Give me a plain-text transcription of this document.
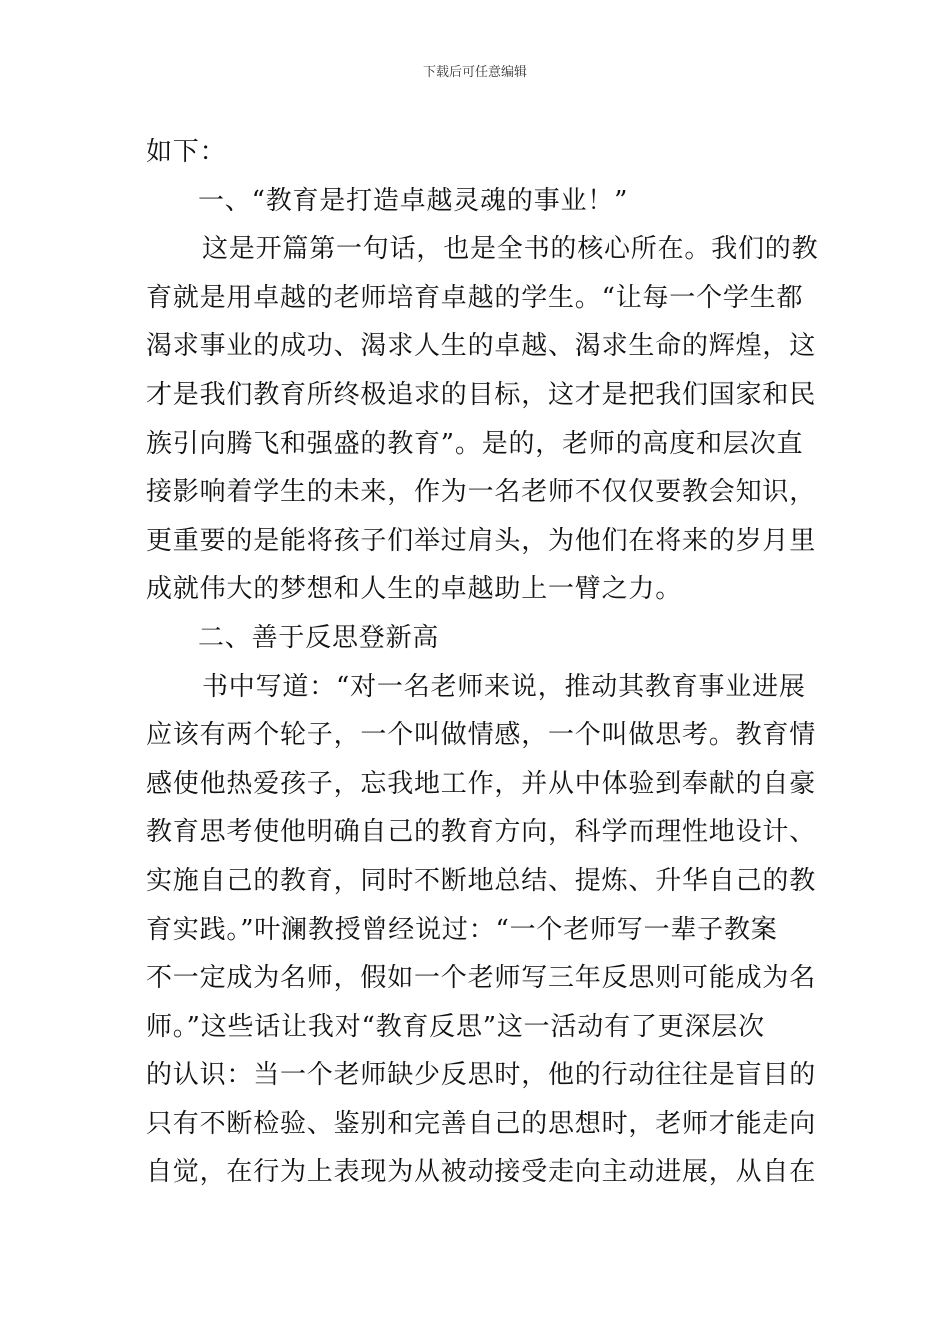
下载后可任意编辑
如下：
一、“教育是打造卓越灵魂的事业！”
这是开篇第一句话，也是全书的核心所在。我们的教
育就是用卓越的老师培育卓越的学生。“让每一个学生都
渴求事业的成功、渴求人生的卓越、渴求生命的辉煌，这
才是我们教育所终极追求的目标，这才是把我们国家和民
族引向腾飞和强盛的教育”。是的，老师的高度和层次直
接影响着学生的未来，作为一名老师不仅仅要教会知识，
更重要的是能将孩子们举过肩头，为他们在将来的岁月里
成就伟大的梦想和人生的卓越助上一臂之力。
二、善于反思登新高
书中写道：“对一名老师来说，推动其教育事业进展
应该有两个轮子，一个叫做情感，一个叫做思考。教育情
感使他热爱孩子，忘我地工作，并从中体验到奉献的自豪
教育思考使他明确自己的教育方向，科学而理性地设计、
实施自己的教育，同时不断地总结、提炼、升华自己的教
育实践。”叶澜教授曾经说过：“一个老师写一辈子教案
不一定成为名师，假如一个老师写三年反思则可能成为名
师。”这些话让我对“教育反思”这一活动有了更深层次
的认识：当一个老师缺少反思时，他的行动往往是盲目的
只有不断检验、鉴别和完善自己的思想时，老师才能走向
自觉，在行为上表现为从被动接受走向主动进展，从自在
